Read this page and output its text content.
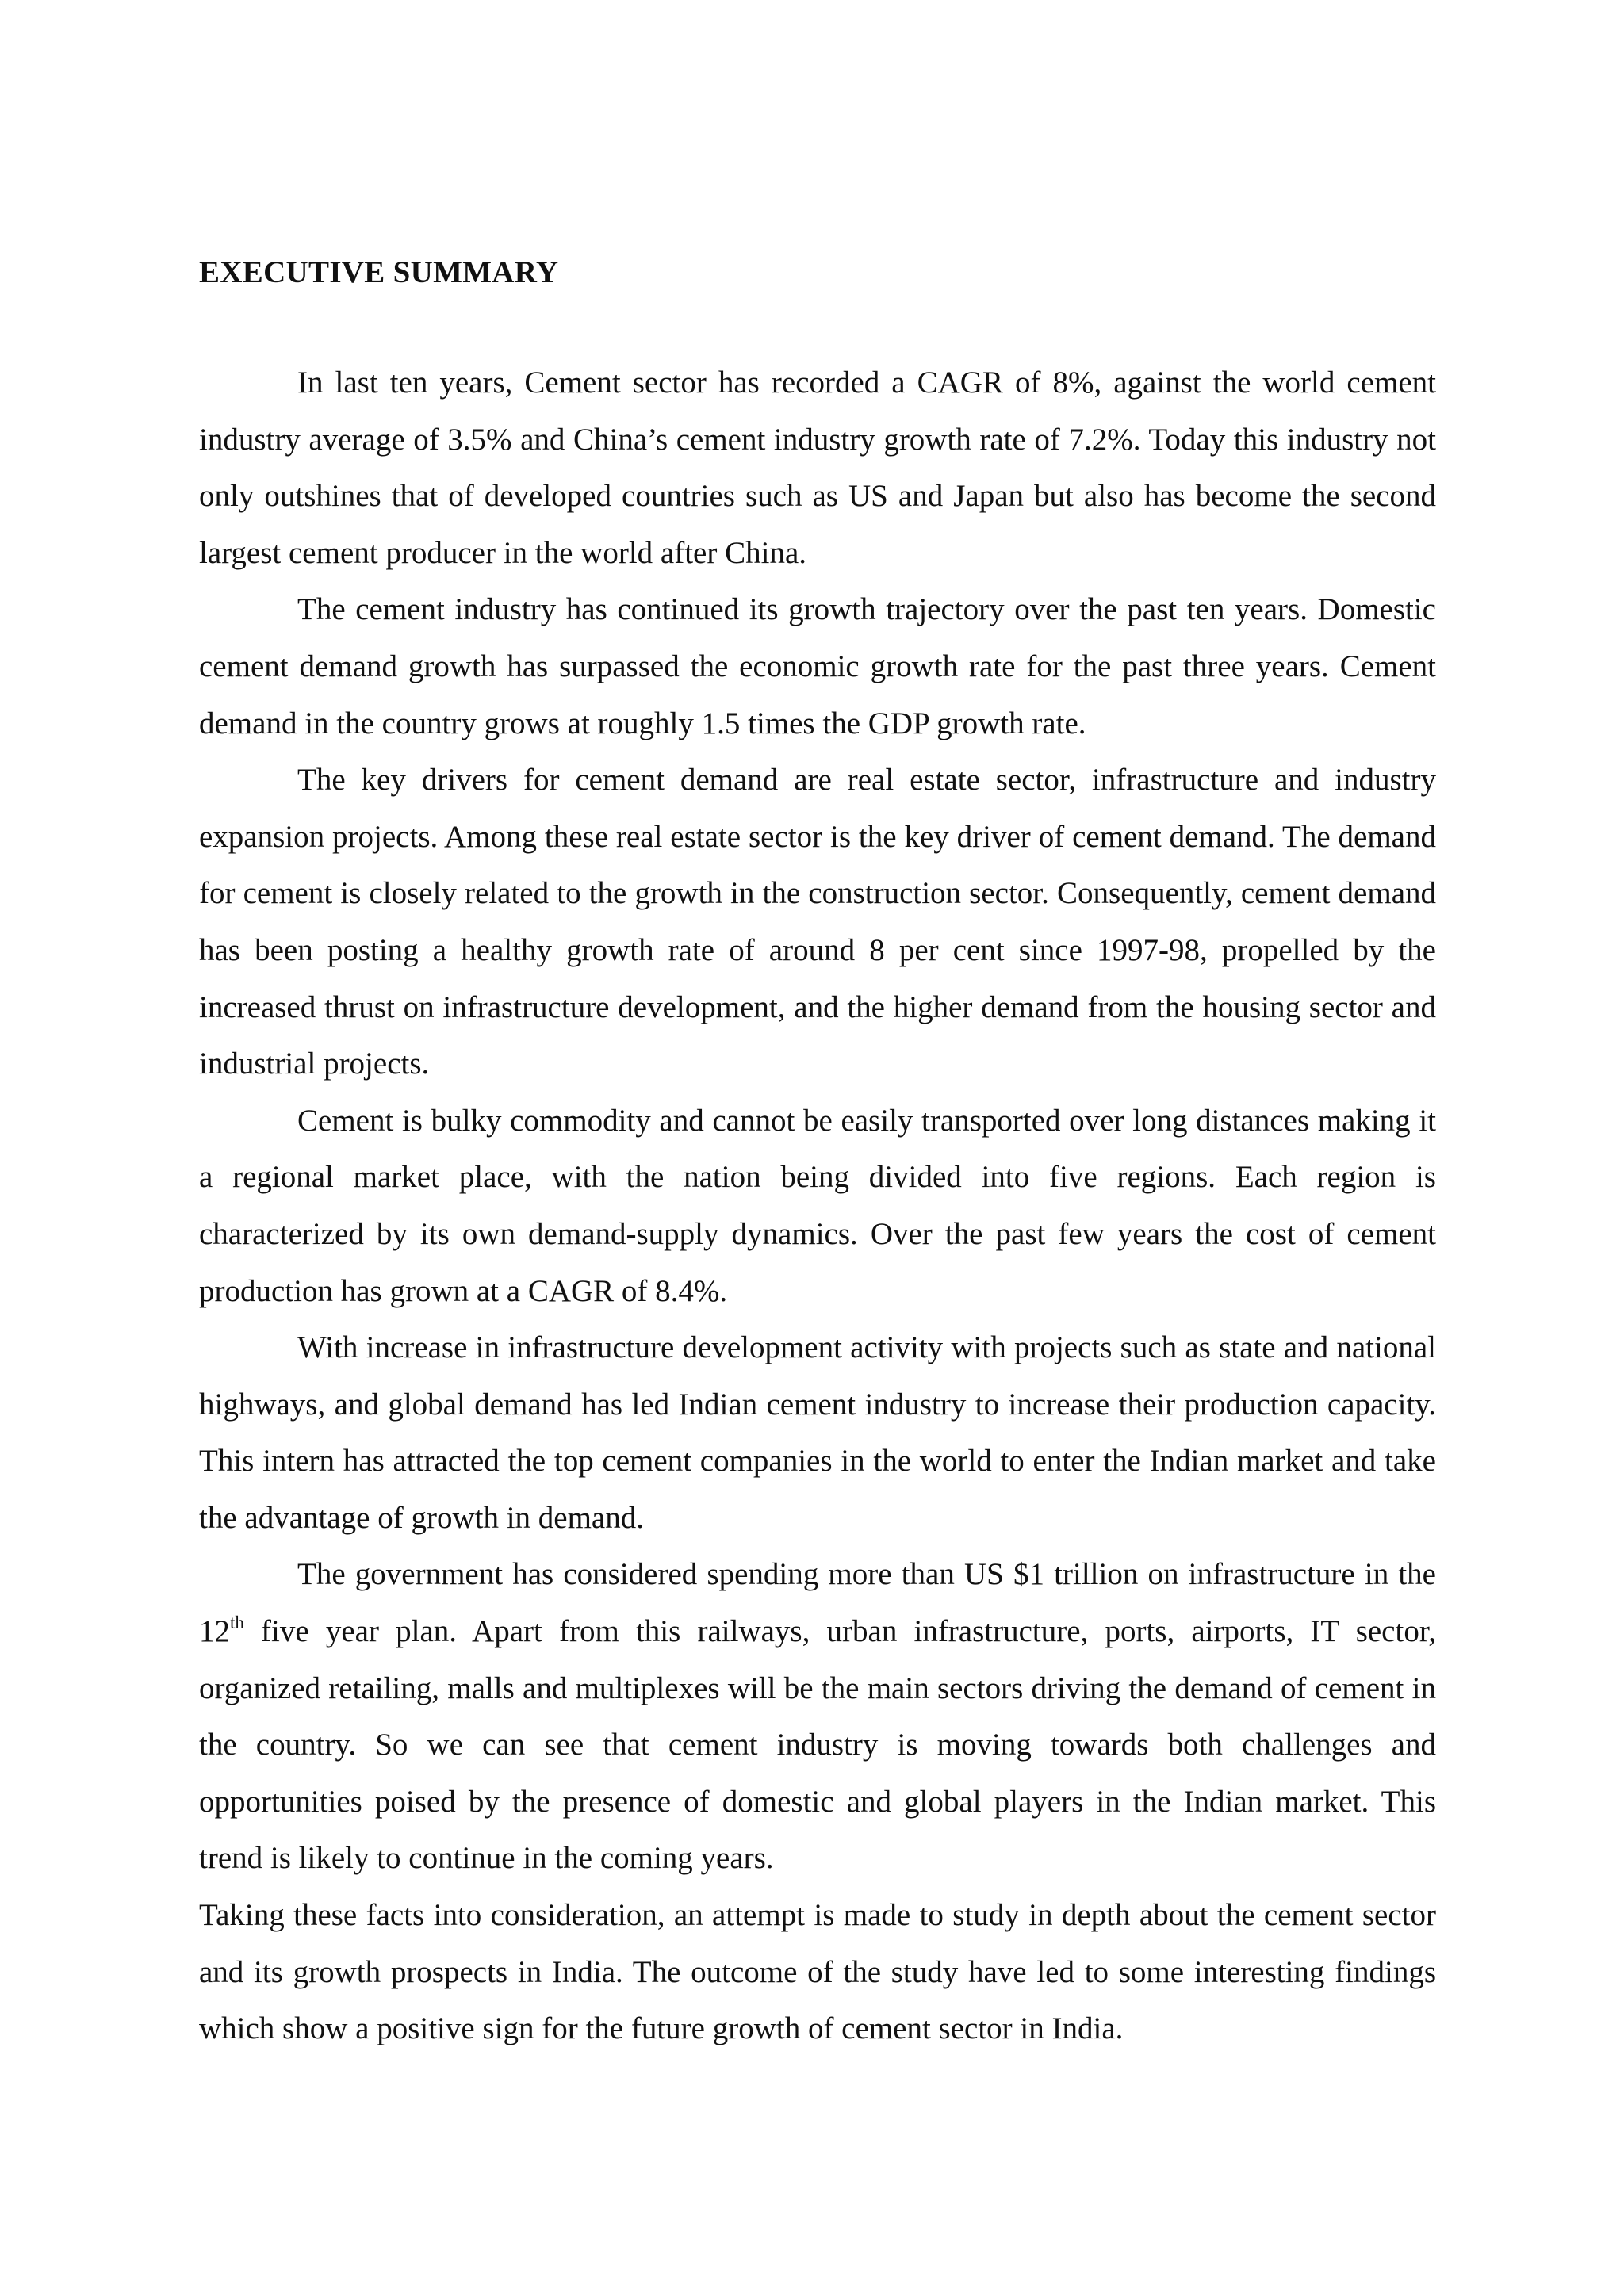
EXECUTIVE SUMMARY

In last ten years, Cement sector has recorded a CAGR of 8%, against the world cement industry average of 3.5% and China’s cement industry growth rate of 7.2%. Today this industry not only outshines that of developed countries such as US and Japan but also has become the second largest cement producer in the world after China.

The cement industry has continued its growth trajectory over the past ten years. Domestic cement demand growth has surpassed the economic growth rate for the past three years. Cement demand in the country grows at roughly 1.5 times the GDP growth rate.

The key drivers for cement demand are real estate sector, infrastructure and industry expansion projects. Among these real estate sector is the key driver of cement demand. The demand for cement is closely related to the growth in the construction sector. Consequently, cement demand has been posting a healthy growth rate of around 8 per cent since 1997-98, propelled by the increased thrust on infrastructure development, and the higher demand from the housing sector and industrial projects.

Cement is bulky commodity and cannot be easily transported over long distances making it a regional market place, with the nation being divided into five regions. Each region is characterized by its own demand-supply dynamics. Over the past few years the cost of cement production has grown at a CAGR of 8.4%.

With increase in infrastructure development activity with projects such as state and national highways, and global demand has led Indian cement industry to increase their production capacity. This intern has attracted the top cement companies in the world to enter the Indian market and take the advantage of growth in demand.

The government has considered spending more than US $1 trillion on infrastructure in the 12th five year plan. Apart from this railways, urban infrastructure, ports, airports, IT sector, organized retailing, malls and multiplexes will be the main sectors driving the demand of cement in the country. So we can see that cement industry is moving towards both challenges and opportunities poised by the presence of domestic and global players in the Indian market. This trend is likely to continue in the coming years.

Taking these facts into consideration, an attempt is made to study in depth about the cement sector and its growth prospects in India. The outcome of the study have led to some interesting findings which show a positive sign for the future growth of cement sector in India.
